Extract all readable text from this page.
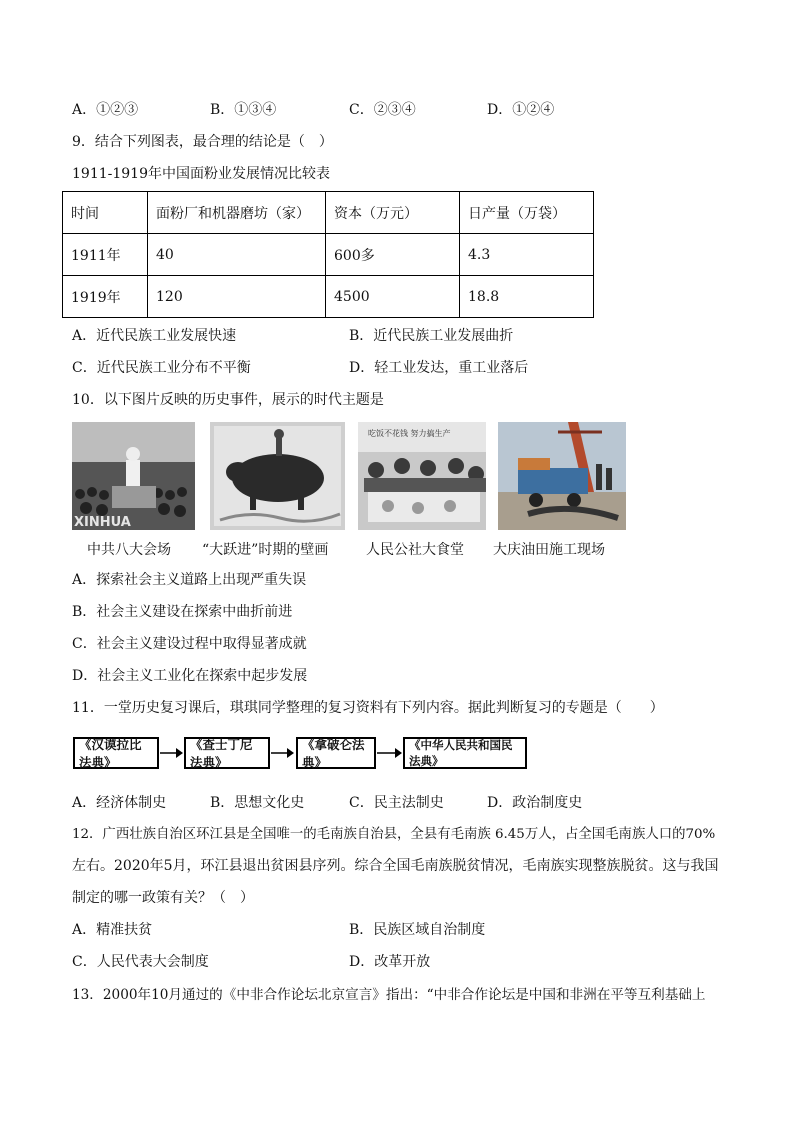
A．①②③	B．①③④	C．②③④	D．①②④
9．结合下列图表，最合理的结论是（　）
1911-1919年中国面粉业发展情况比较表
时间	面粉厂和机器磨坊（家）	资本（万元）	日产量（万袋）
1911年	40	600多	4.3
1919年	120	4500	18.8
A．近代民族工业发展快速	B．近代民族工业发展曲折
C．近代民族工业分布不平衡	D．轻工业发达，重工业落后
10．以下图片反映的历史事件，展示的时代主题是
XINHUA
吃饭不花钱 努力搞生产
中共八大会场 “大跃进”时期的壁画	人民公社大食堂 大庆油田施工现场
A．探索社会主义道路上出现严重失误
B．社会主义建设在探索中曲折前进
C．社会主义建设过程中取得显著成就
D．社会主义工业化在探索中起步发展
11．一堂历史复习课后，琪琪同学整理的复习资料有下列内容。据此判断复习的专题是（　　）
《汉谟拉比法典》
《查士丁尼法典》
《拿破仑法典》
《中华人民共和国民法典》
A．经济体制史	B．思想文化史	C．民主法制史	D．政治制度史
12．广西壮族自治区环江县是全国唯一的毛南族自治县，全县有毛南族 6.45万人，占全国毛南族人口的70%
左右。2020年5月，环江县退出贫困县序列。综合全国毛南族脱贫情况，毛南族实现整族脱贫。这与我国
制定的哪一政策有关？（　）
A．精准扶贫	B．民族区域自治制度
C．人民代表大会制度	D．改革开放
13．2000年10月通过的《中非合作论坛北京宣言》指出：“中非合作论坛是中国和非洲在平等互利基础上
